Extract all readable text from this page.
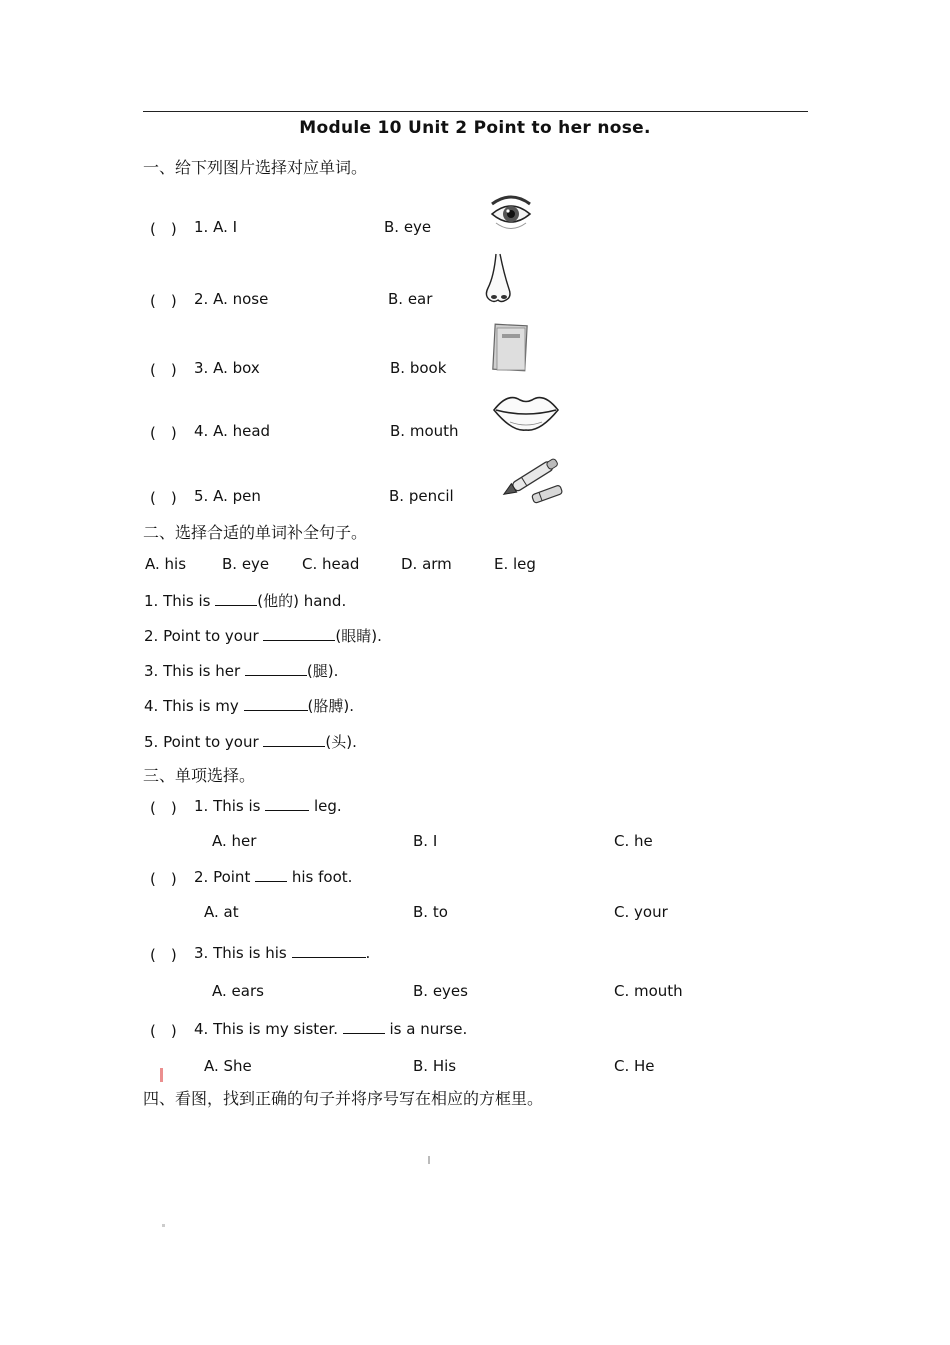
Module 10 Unit 2 Point to her nose.
一、给下列图片选择对应单词。
(　) 1. A. I	B. eye
(　) 2. A. nose	B. ear
(　) 3. A. box	B. book
(　) 4. A. head	B. mouth
(　) 5. A. pen	B. pencil
二、选择合适的单词补全句子。
A. his B. eye C. head	D. arm	E. leg
1. This is	(他的) hand.
2. Point to your	(眼睛).
3. This is her	(腿).
4. This is my	(胳膊).
5. Point to your	(头).
三、单项选择。
(　) 1. This is	leg.
A. her	B. I	C. he
(　) 2. Point  his foot.
A. at	B. to	C. your
(　) 3. This is his	.
A. ears	B. eyes	C. mouth
(　) 4. This is my sister.	is a nurse.
A. She	B. His	C. He
四、看图，找到正确的句子并将序号写在相应的方框里。
